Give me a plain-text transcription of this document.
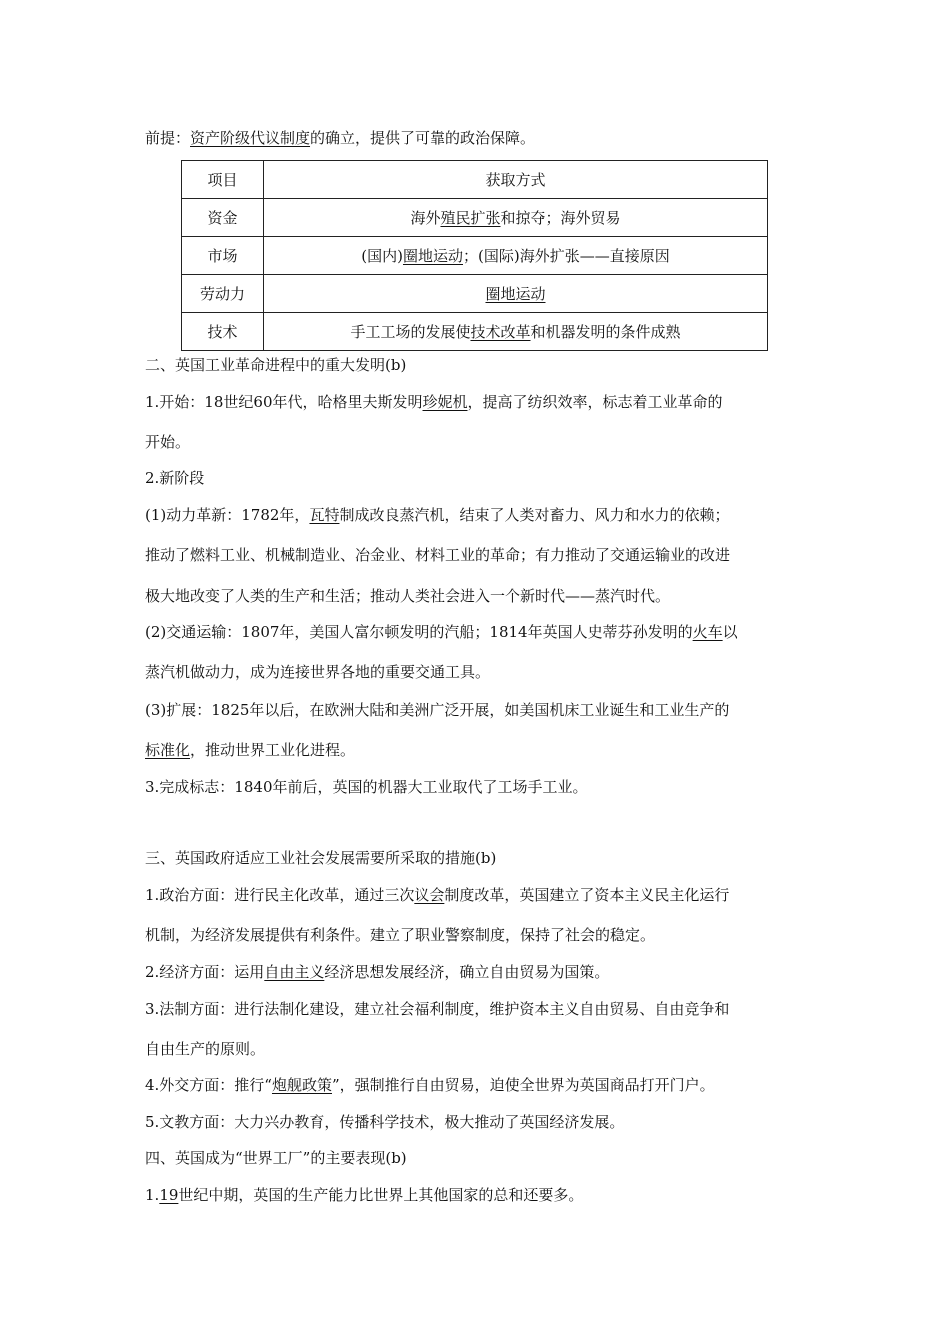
前提：资产阶级代议制度的确立，提供了可靠的政治保障。
项目	获取方式
资金	海外殖民扩张和掠夺；海外贸易
市场	(国内)圈地运动；(国际)海外扩张——直接原因
劳动力	圈地运动
技术	手工工场的发展使技术改革和机器发明的条件成熟
二、英国工业革命进程中的重大发明(b)
1.开始：18世纪60年代，哈格里夫斯发明珍妮机，提高了纺织效率，标志着工业革命的
开始。
2.新阶段
(1)动力革新：1782年，瓦特制成改良蒸汽机，结束了人类对畜力、风力和水力的依赖；
推动了燃料工业、机械制造业、冶金业、材料工业的革命；有力推动了交通运输业的改进
极大地改变了人类的生产和生活；推动人类社会进入一个新时代——蒸汽时代。
(2)交通运输：1807年，美国人富尔顿发明的汽船；1814年英国人史蒂芬孙发明的火车以
蒸汽机做动力，成为连接世界各地的重要交通工具。
(3)扩展：1825年以后，在欧洲大陆和美洲广泛开展，如美国机床工业诞生和工业生产的
标准化，推动世界工业化进程。
3.完成标志：1840年前后，英国的机器大工业取代了工场手工业。
三、英国政府适应工业社会发展需要所采取的措施(b)
1.政治方面：进行民主化改革，通过三次议会制度改革，英国建立了资本主义民主化运行
机制，为经济发展提供有利条件。建立了职业警察制度，保持了社会的稳定。
2.经济方面：运用自由主义经济思想发展经济，确立自由贸易为国策。
3.法制方面：进行法制化建设，建立社会福利制度，维护资本主义自由贸易、自由竞争和
自由生产的原则。
4.外交方面：推行“炮舰政策”，强制推行自由贸易，迫使全世界为英国商品打开门户。
5.文教方面：大力兴办教育，传播科学技术，极大推动了英国经济发展。
四、英国成为“世界工厂”的主要表现(b)
1.19世纪中期，英国的生产能力比世界上其他国家的总和还要多。
